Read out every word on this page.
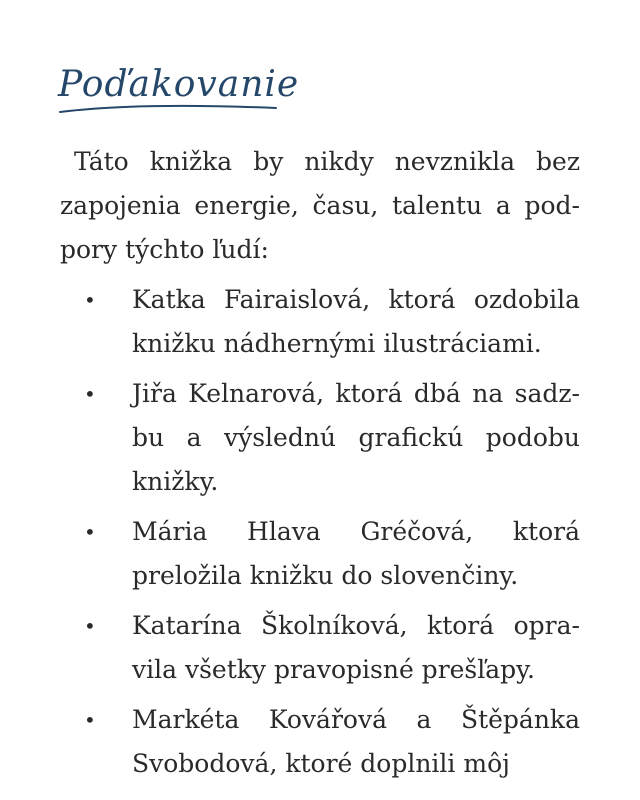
Poďakovanie

Táto knižka by nikdy nevznikla bez zapojenia energie, času, talentu a podpory týchto ľudí:

•	Katka Fairaislová, ktorá ozdobila knižku nádhernými ilustráciami.
•	Jiřa Kelnarová, ktorá dbá na sadzbu a výslednú grafickú podobu knižky.
•	Mária Hlava Gréčová, ktorá preložila knižku do slovenčiny.
•	Katarína Školníková, ktorá opravila všetky pravopisné prešľapy.
•	Markéta Kovářová a Štěpánka Svobodová, ktoré doplnili môj
